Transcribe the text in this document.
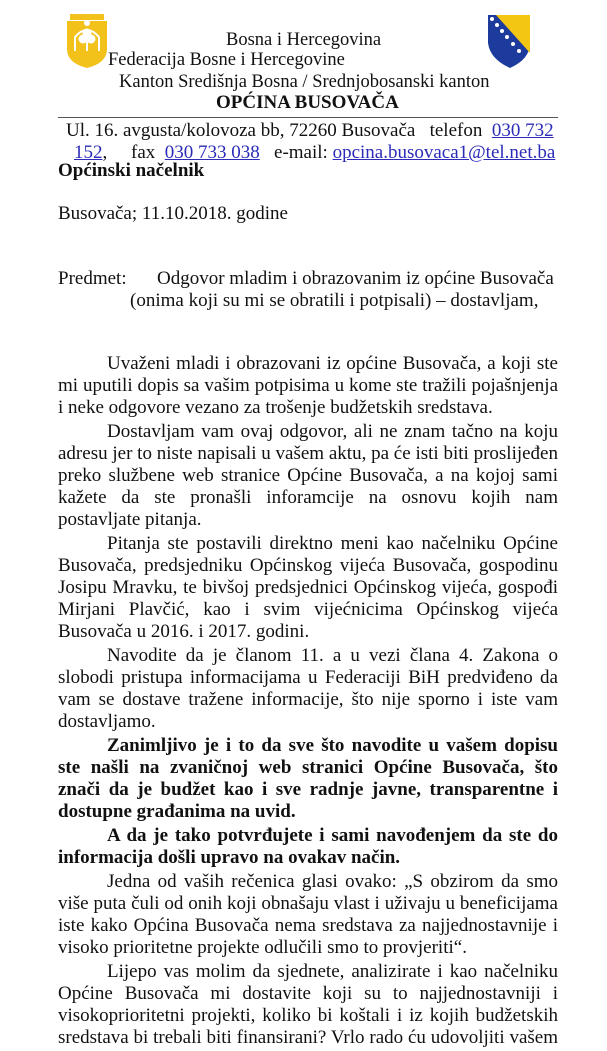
Bosna i Hercegovina
Federacija Bosne i Hercegovine
Kanton Središnja Bosna / Srednjobosanski kanton
OPĆINA BUSOVAČA
Ul. 16. avgusta/kolovoza bb, 72260 Busovača telefon 030 732
152,     fax 030 733 038 e-mail: opcina.busovaca1@tel.net.ba
Općinski načelnik
Busovača; 11.10.2018. godine
Predmet: Odgovor mladim i obrazovanim iz općine Busovača
(onima koji su mi se obratili i potpisali) – dostavljam,

Uvaženi mladi i obrazovani iz općine Busovača, a koji ste mi uputili dopis sa vašim potpisima u kome ste tražili pojašnjenja i neke odgovore vezano za trošenje budžetskih sredstava.

Dostavljam vam ovaj odgovor, ali ne znam tačno na koju adresu jer to niste napisali u vašem aktu, pa će isti biti proslijeđen preko službene web stranice Općine Busovača, a na kojoj sami kažete da ste pronašli inforamcije na osnovu kojih nam postavljate pitanja.

Pitanja ste postavili direktno meni kao načelniku Općine Busovača, predsjedniku Općinskog vijeća Busovača, gospodinu Josipu Mravku, te bivšoj predsjednici Općinskog vijeća, gospođi Mirjani Plavčić, kao i svim vijećnicima Općinskog vijeća Busovača u 2016. i 2017. godini.

Navodite da je članom 11. a u vezi člana 4. Zakona o slobodi pristupa informacijama u Federaciji BiH predviđeno da vam se dostave tražene informacije, što nije sporno i iste vam dostavljamo.

Zanimljivo je i to da sve što navodite u vašem dopisu ste našli na zvaničnoj web stranici Općine Busovača, što znači da je budžet kao i sve radnje javne, transparentne i dostupne građanima na uvid.

A da je tako potvrđujete i sami navođenjem da ste do informacija došli upravo na ovakav način.

Jedna od vaših rečenica glasi ovako: „S obzirom da smo više puta čuli od onih koji obnašaju vlast i uživaju u beneficijama iste kako Općina Busovača nema sredstava za najjednostavnije i visoko prioritetne projekte odlučili smo to provjeriti“.

Lijepo vas molim da sjednete, analizirate i kao načelniku Općine Busovača mi dostavite koji su to najjednostavniji i visokoprioritetni projekti, koliko bi koštali i iz kojih budžetskih sredstava bi trebali biti finansirani? Vrlo rado ću udovoljiti vašem
